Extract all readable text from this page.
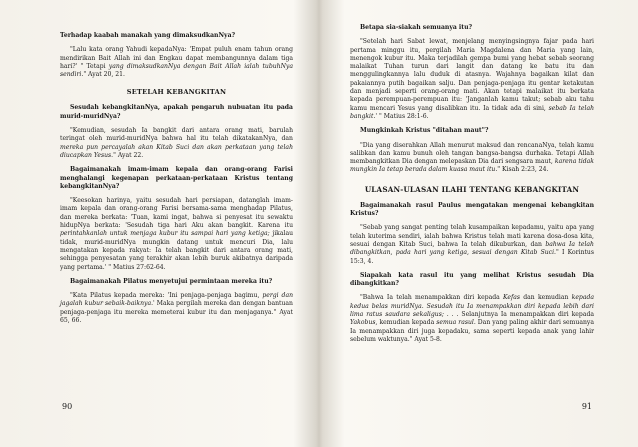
Terhadap kaabah manakah yang dimaksudkanNya?

"Lalu kata orang Yahudi kepadaNya: 'Empat puluh enam tahun orang mendirikan Bait Allah ini dan Engkau dapat membangunnya dalam tiga hari?' " Tetapi yang dimaksudkanNya dengan Bait Allah ialah tubuhNya sendiri." Ayat 20, 21.

SETELAH KEBANGKITAN

Sesudah kebangkitanNya, apakah pengaruh nubuatan itu pada murid-muridNya?

"Kemudian, sesudah Ia bangkit dari antara orang mati, barulah teringat oleh murid-muridNya bahwa hal itu telah dikatakanNya, dan mereka pun percayalah akan Kitab Suci dan akan perkataan yang telah diucapkan Yesus." Ayat 22.

Bagaimanakah imam-imam kepala dan orang-orang Farisi menghalangi kegenapan perkataan-perkataan Kristus tentang kebangkitanNya?

"Keesokan harinya, yaitu sesudah hari persiapan, datanglah imam-imam kepala dan orang-orang Farisi bersama-sama menghadap Pilatus, dan mereka berkata: 'Tuan, kami ingat, bahwa si penyesat itu sewaktu hidupNya berkata: 'Sesudah tiga hari Aku akan bangkit. Karena itu perintahkanlah untuk menjaga kubur itu sampai hari yang ketiga; jikalau tidak, murid-muridNya mungkin datang untuk mencuri Dia, lalu mengatakan kepada rakyat: Ia telah bangkit dari antara orang mati, sehingga penyesatan yang terakhir akan lebih buruk akibatnya daripada yang pertama.' " Matius 27:62-64.

Bagaimanakah Pilatus menyetujui permintaan mereka itu?

"Kata Pilatus kepada mereka: 'Ini penjaga-penjaga bagimu, pergi dan jagalah kubur sebaik-baiknya.' Maka pergilah mereka dan dengan bantuan penjaga-penjaga itu mereka memeterai kubur itu dan menjaganya." Ayat 65, 66.

90

Betapa sia-siakah semuanya itu?

"Setelah hari Sabat lewat, menjelang menyingsingnya fajar pada hari pertama minggu itu, pergilah Maria Magdalena dan Maria yang lain, menengok kubur itu. Maka terjadilah gempa bumi yang hebat sebab seorang malaikat Tuhan turun dari langit dan datang ke batu itu dan menggulingkannya lalu duduk di atasnya. Wajahnya bagaikan kilat dan pakaiannya putih bagaikan salju. Dan penjaga-penjaga itu gentar ketakutan dan menjadi seperti orang-orang mati. Akan tetapi malaikat itu berkata kepada perempuan-perempuan itu: 'Janganlah kamu takut; sebab aku tahu kamu mencari Yesus yang disalibkan itu. Ia tidak ada di sini, sebab Ia telah bangkit.' " Matius 28:1-6.

Mungkinkah Kristus "ditahan maut"?

"Dia yang diserahkan Allah menurut maksud dan rencanaNya, telah kamu salibkan dan kamu bunuh oleh tangan bangsa-bangsa durhaka. Tetapi Allah membangkitkan Dia dengan melepaskan Dia dari sengsara maut, karena tidak mungkin Ia tetap berada dalam kuasa maut itu." Kisah 2:23, 24.

ULASAN-ULASAN ILAHI TENTANG KEBANGKITAN

Bagaimanakah rasul Paulus mengatakan mengenai kebangkitan Kristus?

"Sebab yang sangat penting telah kusampaikan kepadamu, yaitu apa yang telah kuterima sendiri, ialah bahwa Kristus telah mati karena dosa-dosa kita, sesuai dengan Kitab Suci, bahwa Ia telah dikuburkan, dan bahwa Ia telah dibangkitkan, pada hari yang ketiga, sesuai dengan Kitab Suci." I Korintus 15:3, 4.

Siapakah kata rasul itu yang melihat Kristus sesudah Dia dibangkitkan?

"Bahwa Ia telah menampakkan diri kepada Kefas dan kemudian kepada kedua belas muridNya. Sesudah itu Ia menampakkan diri kepada lebih dari lima ratus saudara sekaligus; . . . Selanjutnya Ia menampakkan diri kepada Yakobus, kemudian kepada semua rasul. Dan yang paling akhir dari semuanya Ia menampakkan diri juga kepadaku, sama seperti kepada anak yang lahir sebelum waktunya." Ayat 5-8.

91
